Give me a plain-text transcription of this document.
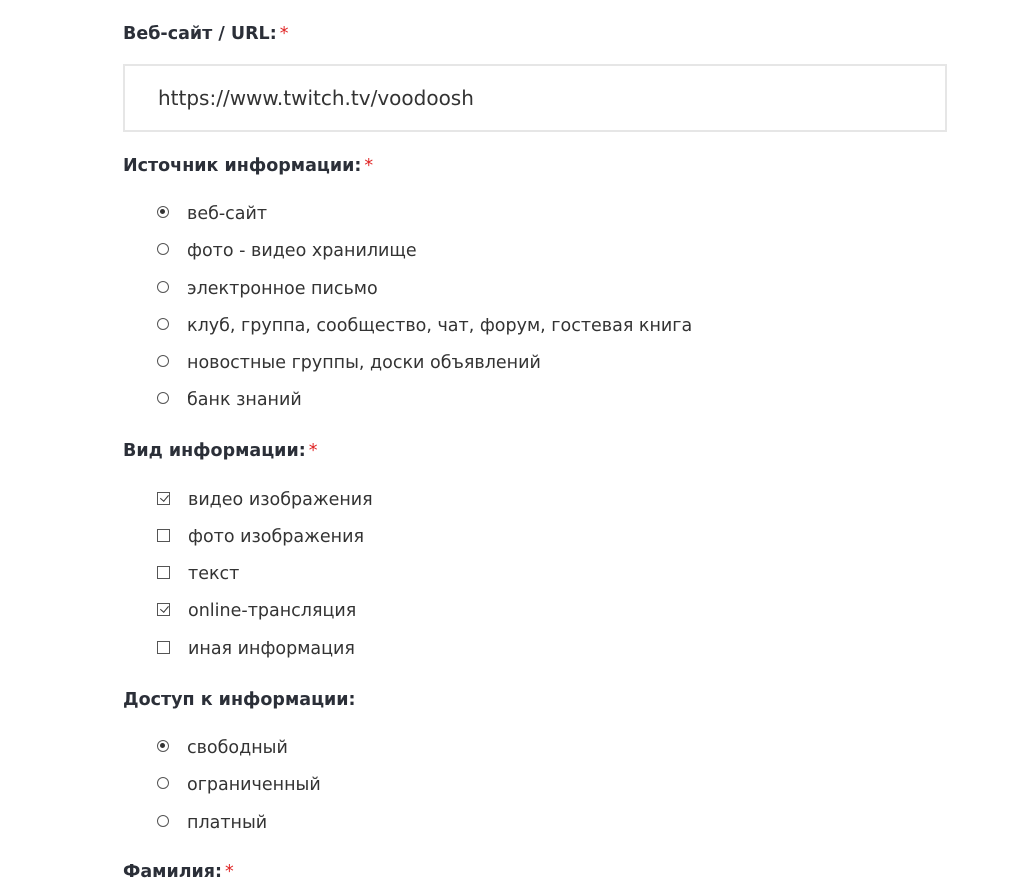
Веб-сайт / URL: *
https://www.twitch.tv/voodoosh
Источник информации: *
веб-сайт
фото - видео хранилище
электронное письмо
клуб, группа, сообщество, чат, форум, гостевая книга
новостные группы, доски объявлений
банк знаний
Вид информации: *
видео изображения
фото изображения
текст
online-трансляция
иная информация
Доступ к информации:
свободный
ограниченный
платный
Фамилия: *
